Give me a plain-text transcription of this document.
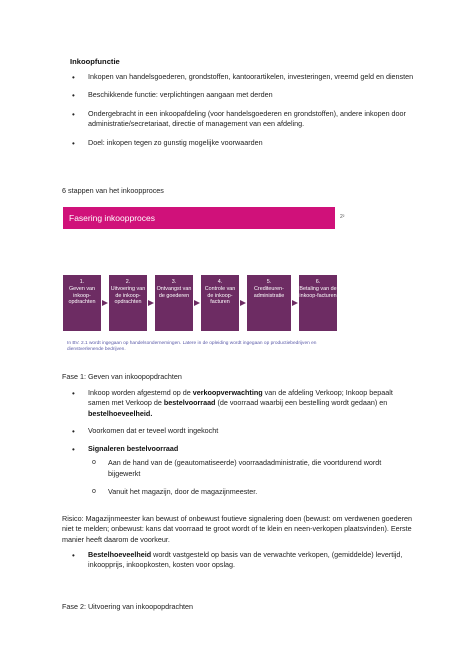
Inkoopfunctie
• Inkopen van handelsgoederen, grondstoffen, kantoorartikelen, investeringen, vreemd geld en diensten
• Beschikkende functie: verplichtingen aangaan met derden
• Ondergebracht in een inkoopafdeling (voor handelsgoederen en grondstoffen), andere inkopen door administratie/secretariaat, directie of management van een afdeling.
• Doel: inkopen tegen zo gunstig mogelijke voorwaarden
6 stappen van het inkoopproces
Fasering inkoopproces	2²
1.
Geven van inkoop-opdrachten
2.
Uitvoering van de inkoop-opdrachten
3.
Ontvangst van de goederen
4.
Controle van de inkoop-facturen
5.
Crediteuren-administratie
6.
Betaling van de inkoop-facturen
In BV. 2.1 wordt ingegaan op handelsondernemingen. Latere in de opleiding wordt ingegaan op productiebedrijven en dienstverlenende bedrijven.
Fase 1: Geven van inkoopopdrachten
• Inkoop worden afgestemd op de verkoopverwachting van de afdeling Verkoop; Inkoop bepaalt samen met Verkoop de bestelvoorraad (de voorraad waarbij een bestelling wordt gedaan) en bestelhoeveelheid.
• Voorkomen dat er teveel wordt ingekocht
• Signaleren bestelvoorraad
o Aan de hand van de (geautomatiseerde) voorraadadministratie, die voortdurend wordt bijgewerkt
o Vanuit het magazijn, door de magazijnmeester.
Risico: Magazijnmeester kan bewust of onbewust foutieve signalering doen (bewust: om verdwenen goederen niet te melden; onbewust: kans dat voorraad te groot wordt of te klein en neen-verkopen plaatsvinden). Eerste manier heeft daarom de voorkeur.
• Bestelhoeveelheid wordt vastgesteld op basis van de verwachte verkopen, (gemiddelde) levertijd, inkoopprijs, inkoopkosten, kosten voor opslag.
Fase 2: Uitvoering van inkoopopdrachten
